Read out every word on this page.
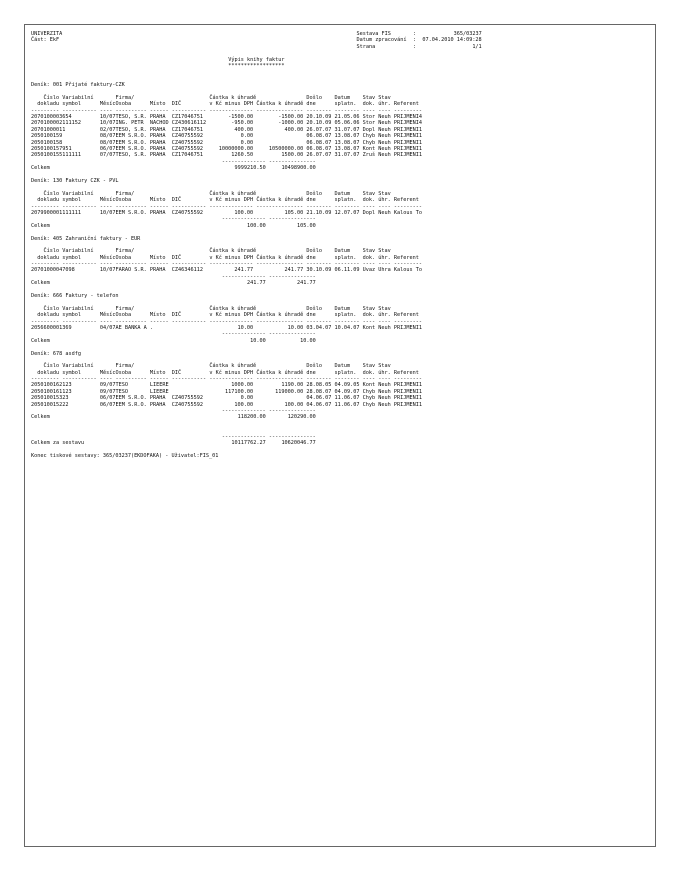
UNIVERZITA	Sestava FIS	:	365/03237
Část: EkF	Datum zpracování : 07.04.2010 14:09:28
Strana	:	1/1
Výpis knihy faktur
******************
Deník: 001 Přijaté faktury-CZK
Číslo Variabilní	Firma/	Částka k úhradě	Došlo Datum Stav Stav
dokladu symbol	MěsícOsoba	Místo DIČ	v Kč minus DPH Částka k úhradě dne	splatn. dok. úhr. Referent
--------- ----------- ---- ---------- ------ ----------- -------------- --------------- -------- -------- ---- ---- ---------
2070100003654	10/07TESO, S.R. PRAHA CZ17046751	-1500.00	-1500.00 20.10.09 21.05.06 Stor Neuh PRIJMENI4
2070100002111152	10/07ING. PETR NACHOD CZ430616112	-950.00	-1000.00 20.10.09 05.06.06 Stor Neuh PRIJMENI4
20701000011	02/07TESO, S.R. PRAHA CZ17046751	400.00	400.00 26.07.07 31.07.07 Dopl Neuh PRIJMENI1
2050100159	08/07EEM S.R.O. PRAHA CZ40755592	0.00	06.08.07 13.08.07 Chyb Neuh PRIJMENI1
2050100158	08/07EEM S.R.O. PRAHA CZ40755592	0.00	06.08.07 13.08.07 Chyb Neuh PRIJMENI1
2050100157951	06/07EEM S.R.O. PRAHA CZ40755592	10000000.00	10500000.00 06.08.07 13.08.07 Kont Neuh PRIJMENI1
2050100155111111	07/07TESO, S.R. PRAHA CZ17046751	1260.50	1500.00 26.07.07 31.07.07 Zruš Neuh PRIJMENI1
-------------- ---------------
Celkem	9999210.50	10498900.00
Deník: 130 Faktury CZK - PVL
Číslo Variabilní	Firma/	Částka k úhradě	Došlo Datum Stav Stav
dokladu symbol	MěsícOsoba	Místo DIČ	v Kč minus DPH Částka k úhradě dne	splatn. dok. úhr. Referent
--------- ----------- ---- ---------- ------ ----------- -------------- --------------- -------- -------- ---- ---- ---------
2079900001111111	10/07EEM S.R.O. PRAHA CZ40755592	100.00	105.00 21.10.09 12.07.07 Dopl Neuh Kalous To
-------------- ---------------
Celkem	100.00	105.00
Deník: 405 Zahraniční faktury - EUR
Číslo Variabilní	Firma/	Částka k úhradě	Došlo Datum Stav Stav
dokladu symbol	MěsícOsoba	Místo DIČ	v Kč minus DPH Částka k úhradě dne	splatn. dok. úhr. Referent
--------- ----------- ---- ---------- ------ ----------- -------------- --------------- -------- -------- ---- ---- ---------
20701000047098	10/07FARAO S.R. PRAHA CZ46346112	241.77	241.77 30.10.09 06.11.09 Uvaz Uhra Kalous To
-------------- ---------------
Celkem	241.77	241.77
Deník: 666 Faktury - telefon
Číslo Variabilní	Firma/	Částka k úhradě	Došlo Datum Stav Stav
dokladu symbol	MěsícOsoba	Místo DIČ	v Kč minus DPH Částka k úhradě dne	splatn. dok. úhr. Referent
--------- ----------- ---- ---------- ------ ----------- -------------- --------------- -------- -------- ---- ---- ---------
2056600001369	04/07AE BANKA A .	10.00	10.00 03.04.07 10.04.07 Kont Neuh PRIJMENI1
-------------- ---------------
Celkem	10.00	10.00
Deník: 678 asdfg
Číslo Variabilní	Firma/	Částka k úhradě	Došlo Datum Stav Stav
dokladu symbol	MěsícOsoba	Místo DIČ	v Kč minus DPH Částka k úhradě dne	splatn. dok. úhr. Referent
--------- ----------- ---- ---------- ------ ----------- -------------- --------------- -------- -------- ---- ---- ---------
2050100162123	09/07TESO	LIEERE	1000.00	1190.00 28.08.05 04.09.05 Kont Neuh PRIJMENI1
2050100161123	09/07TESO	LIEERE	117100.00	119000.00 28.08.07 04.09.07 Chyb Neuh PRIJMENI1
205010015323	06/07EEM S.R.O. PRAHA CZ40755592	0.00	04.06.07 11.06.07 Chyb Neuh PRIJMENI1
205010015222	06/07EEM S.R.O. PRAHA CZ40755592	100.00	100.00 04.06.07 11.06.07 Chyb Neuh PRIJMENI1
-------------- ---------------
Celkem	118200.00	120290.00
-------------- ---------------
Celkem za sestavu	10117762.27	10620046.77
Konec tiskové sestavy: 365/03237(EKDOFAKA) - Uživatel:FIS_01
